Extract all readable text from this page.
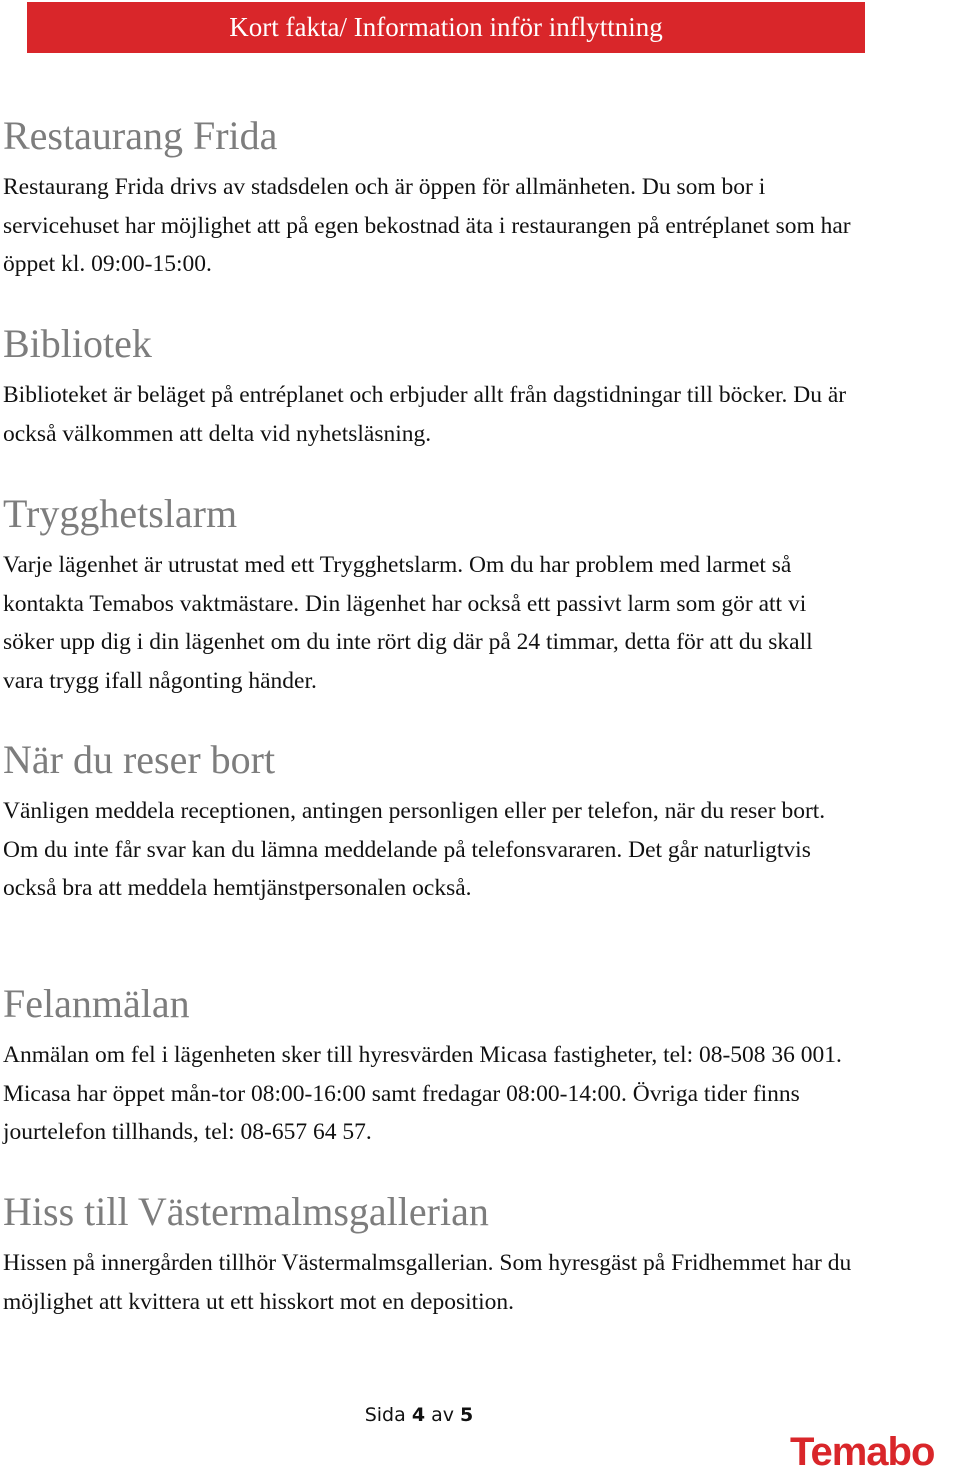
Kort fakta/ Information inför inflyttning
Restaurang Frida

Restaurang Frida drivs av stadsdelen och är öppen för allmänheten. Du som bor i servicehuset har möjlighet att på egen bekostnad äta i restaurangen på entréplanet som har öppet kl. 09:00-15:00.

Bibliotek

Biblioteket är beläget på entréplanet och erbjuder allt från dagstidningar till böcker. Du är också välkommen att delta vid nyhetsläsning.

Trygghetslarm

Varje lägenhet är utrustat med ett Trygghetslarm. Om du har problem med larmet så kontakta Temabos vaktmästare. Din lägenhet har också ett passivt larm som gör att vi söker upp dig i din lägenhet om du inte rört dig där på 24 timmar, detta för att du skall vara trygg ifall någonting händer.

När du reser bort

Vänligen meddela receptionen, antingen personligen eller per telefon, när du reser bort. Om du inte får svar kan du lämna meddelande på telefonsvararen. Det går naturligtvis också bra att meddela hemtjänstpersonalen också.

Felanmälan

Anmälan om fel i lägenheten sker till hyresvärden Micasa fastigheter, tel: 08-508 36 001. Micasa har öppet mån-tor 08:00-16:00 samt fredagar 08:00-14:00. Övriga tider finns jourtelefon tillhands, tel: 08-657 64 57.

Hiss till Västermalmsgallerian

Hissen på innergården tillhör Västermalmsgallerian. Som hyresgäst på Fridhemmet har du möjlighet att kvittera ut ett hisskort mot en deposition.

Sida 4 av 5
Temabo
